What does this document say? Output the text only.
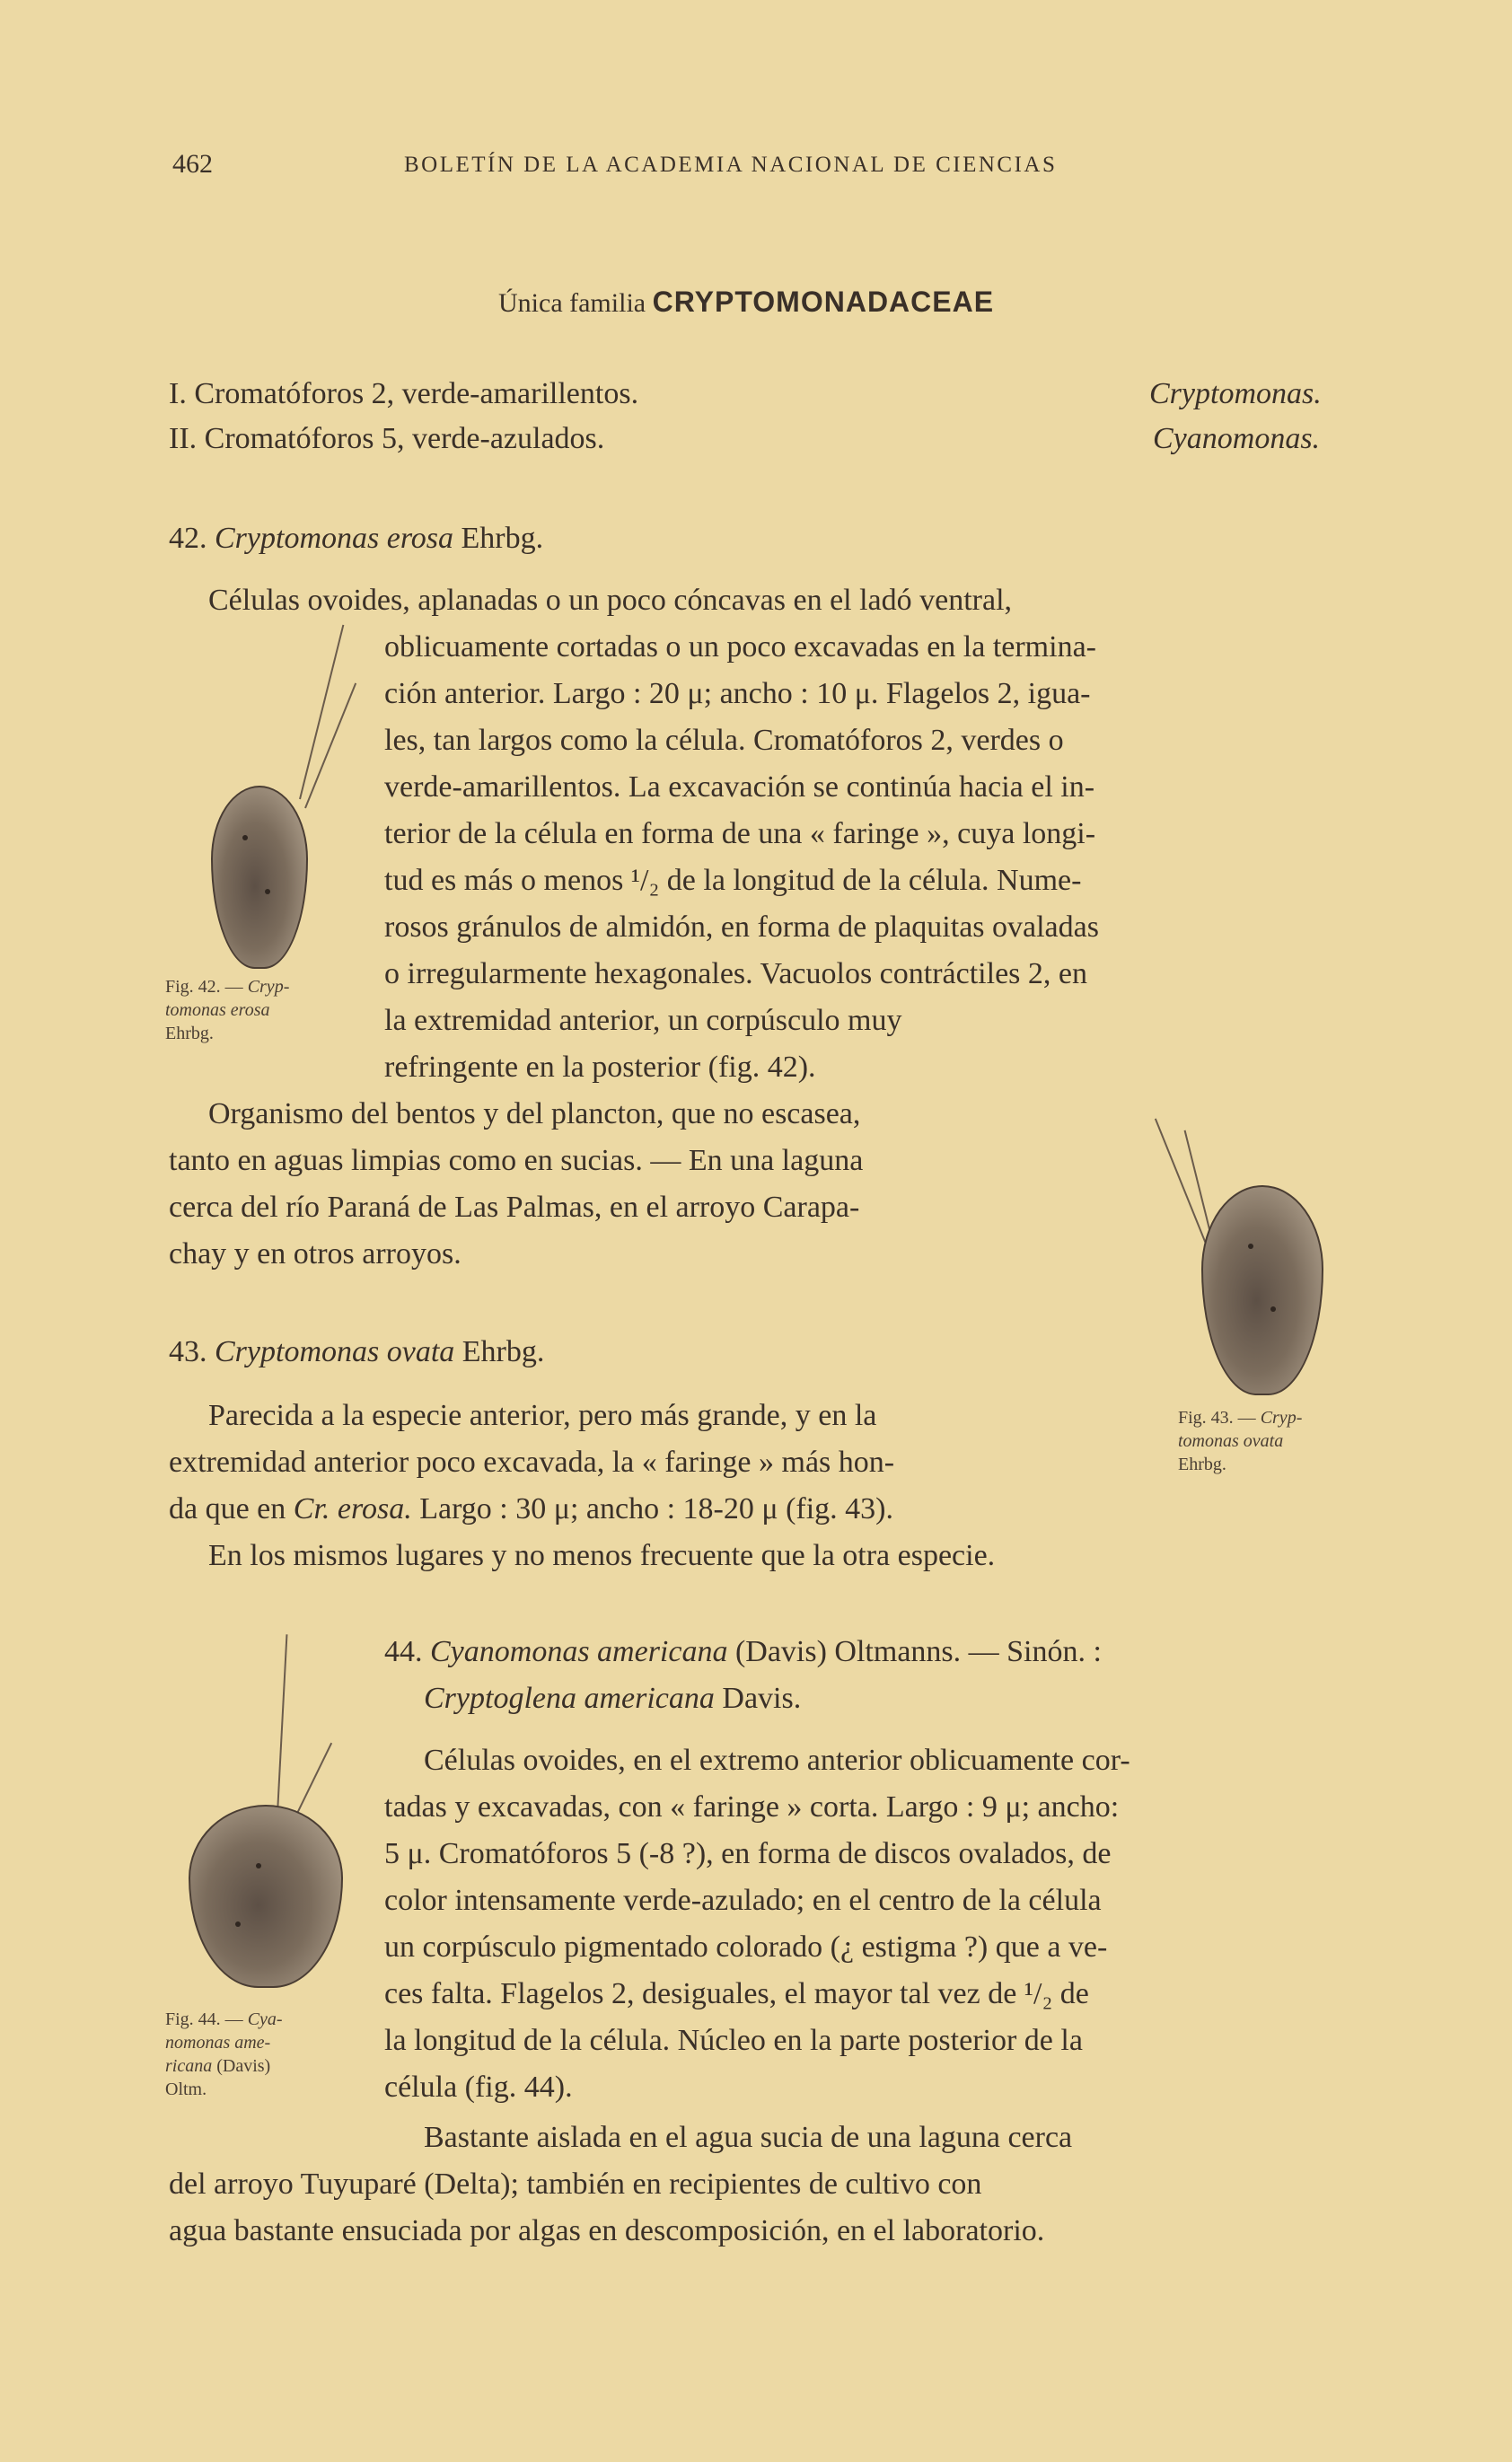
462	BOLETÍN DE LA ACADEMIA NACIONAL DE CIENCIAS
Única familia CRYPTOMONADACEAE
I. Cromatóforos 2, verde-amarillentos.	Cryptomonas.
II. Cromatóforos 5, verde-azulados.	Cyanomonas.
42. Cryptomonas erosa Ehrbg.
Células ovoides, aplanadas o un poco cóncavas en el ladó ventral,
oblicuamente cortadas o un poco excavadas en la termina-
ción anterior. Largo : 20 μ; ancho : 10 μ. Flagelos 2, igua-
les, tan largos como la célula. Cromatóforos 2, verdes o
verde-amarillentos. La excavación se continúa hacia el in-
terior de la célula en forma de una « faringe », cuya longi-
tud es más o menos ¹/₂ de la longitud de la célula. Nume-
rosos gránulos de almidón, en forma de plaquitas ovaladas
o irregularmente hexagonales. Vacuolos contráctiles 2, en
la extremidad anterior, un corpúsculo muy
refringente en la posterior (fig. 42).
Organismo del bentos y del plancton, que no escasea,
tanto en aguas limpias como en sucias. — En una laguna
cerca del río Paraná de Las Palmas, en el arroyo Carapa-
chay y en otros arroyos.
Fig. 42. — Cryp-
tomonas erosa
Ehrbg.
43. Cryptomonas ovata Ehrbg.
Parecida a la especie anterior, pero más grande, y en la
extremidad anterior poco excavada, la « faringe » más hon-
da que en Cr. erosa. Largo : 30 μ; ancho : 18-20 μ (fig. 43).
En los mismos lugares y no menos frecuente que la otra especie.
Fig. 43. — Cryp-
tomonas ovata
Ehrbg.
44. Cyanomonas americana (Davis) Oltmanns. — Sinón. :
Cryptoglena americana Davis.
Células ovoides, en el extremo anterior oblicuamente cor-
tadas y excavadas, con « faringe » corta. Largo : 9 μ; ancho:
5 μ. Cromatóforos 5 (-8 ?), en forma de discos ovalados, de
color intensamente verde-azulado; en el centro de la célula
un corpúsculo pigmentado colorado (¿ estigma ?) que a ve-
ces falta. Flagelos 2, desiguales, el mayor tal vez de ¹/₂ de
la longitud de la célula. Núcleo en la parte posterior de la
célula (fig. 44).
Bastante aislada en el agua sucia de una laguna cerca
del arroyo Tuyuparé (Delta); también en recipientes de cultivo con
agua bastante ensuciada por algas en descomposición, en el laboratorio.
Fig. 44. — Cya-
nomonas ame-
ricana (Davis)
Oltm.
